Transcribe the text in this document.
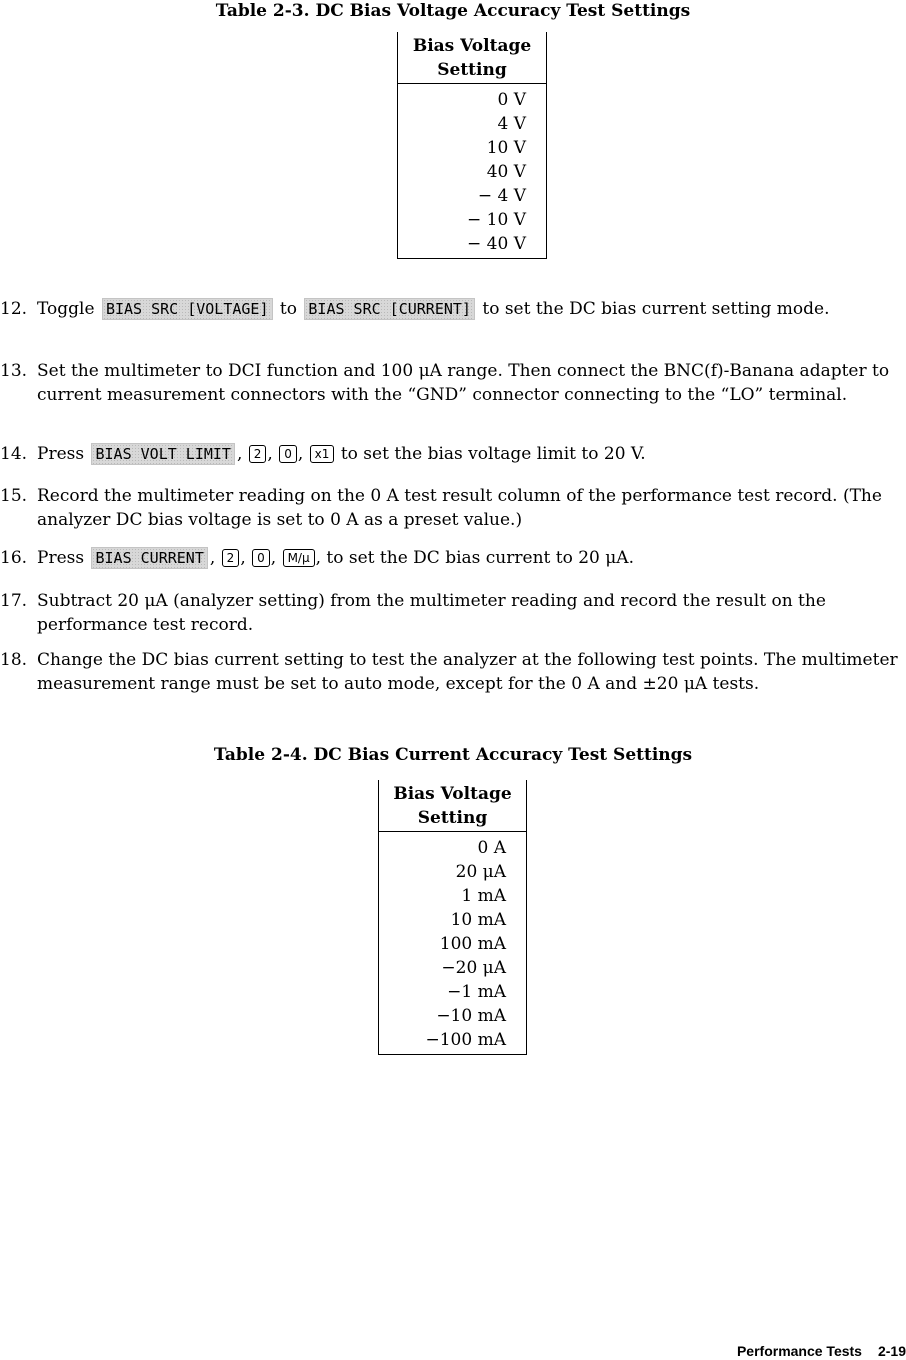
Table 2-3. DC Bias Voltage Accuracy Test Settings
Bias Voltage
Setting
0 V
4 V
10 V
40 V
− 4 V
− 10 V
− 40 V
12. Toggle BIAS SRC [VOLTAGE] to BIAS SRC [CURRENT] to set the DC bias current setting mode.
13. Set the multimeter to DCI function and 100 μA range. Then connect the BNC(f)-Banana adapter to current measurement connectors with the “GND” connector connecting to the “LO” terminal.
14. Press BIAS VOLT LIMIT , 2 , 0 , x1 to set the bias voltage limit to 20 V.
15. Record the multimeter reading on the 0 A test result column of the performance test record. (The analyzer DC bias voltage is set to 0 A as a preset value.)
16. Press BIAS CURRENT , 2 , 0 , M/μ , to set the DC bias current to 20 μA.
17. Subtract 20 μA (analyzer setting) from the multimeter reading and record the result on the performance test record.
18. Change the DC bias current setting to test the analyzer at the following test points. The multimeter measurement range must be set to auto mode, except for the 0 A and ±20 μA tests.
Table 2-4. DC Bias Current Accuracy Test Settings
Bias Voltage
Setting
0 A
20 μA
1 mA
10 mA
100 mA
−20 μA
−1 mA
−10 mA
−100 mA
Performance Tests 2-19
